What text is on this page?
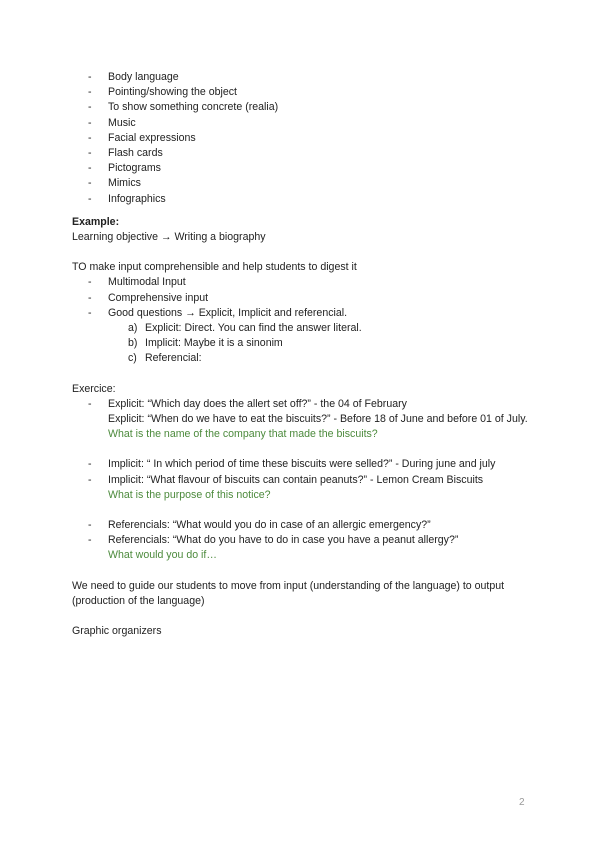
- Body language
- Pointing/showing the object
- To show something concrete (realia)
- Music
- Facial expressions
- Flash cards
- Pictograms
- Mimics
- Infographics

Example:

Learning objective → Writing a biography

TO make input comprehensible and help students to digest it

- Multimodal Input
- Comprehensive input
- Good questions → Explicit, Implicit and referencial.
a) Explicit: Direct. You can find the answer literal.
b) Implicit: Maybe it is a sinonim
c) Referencial:

Exercice:

- Explicit: “Which day does the allert set off?” - the 04 of February

Explicit: “When do we have to eat the biscuits?” - Before 18 of June and before 01 of July.

What is the name of the company that made the biscuits?

- Implicit: “ In which period of time these biscuits were selled?” - During june and july
- Implicit: “What flavour of biscuits can contain peanuts?” - Lemon Cream Biscuits

What is the purpose of this notice?

- Referencials: “What would you do in case of an allergic emergency?”
- Referencials: “What do you have to do in case you have a peanut allergy?”

What would you do if…

We need to guide our students to move from input (understanding of the language) to output (production of the language)

Graphic organizers

2
